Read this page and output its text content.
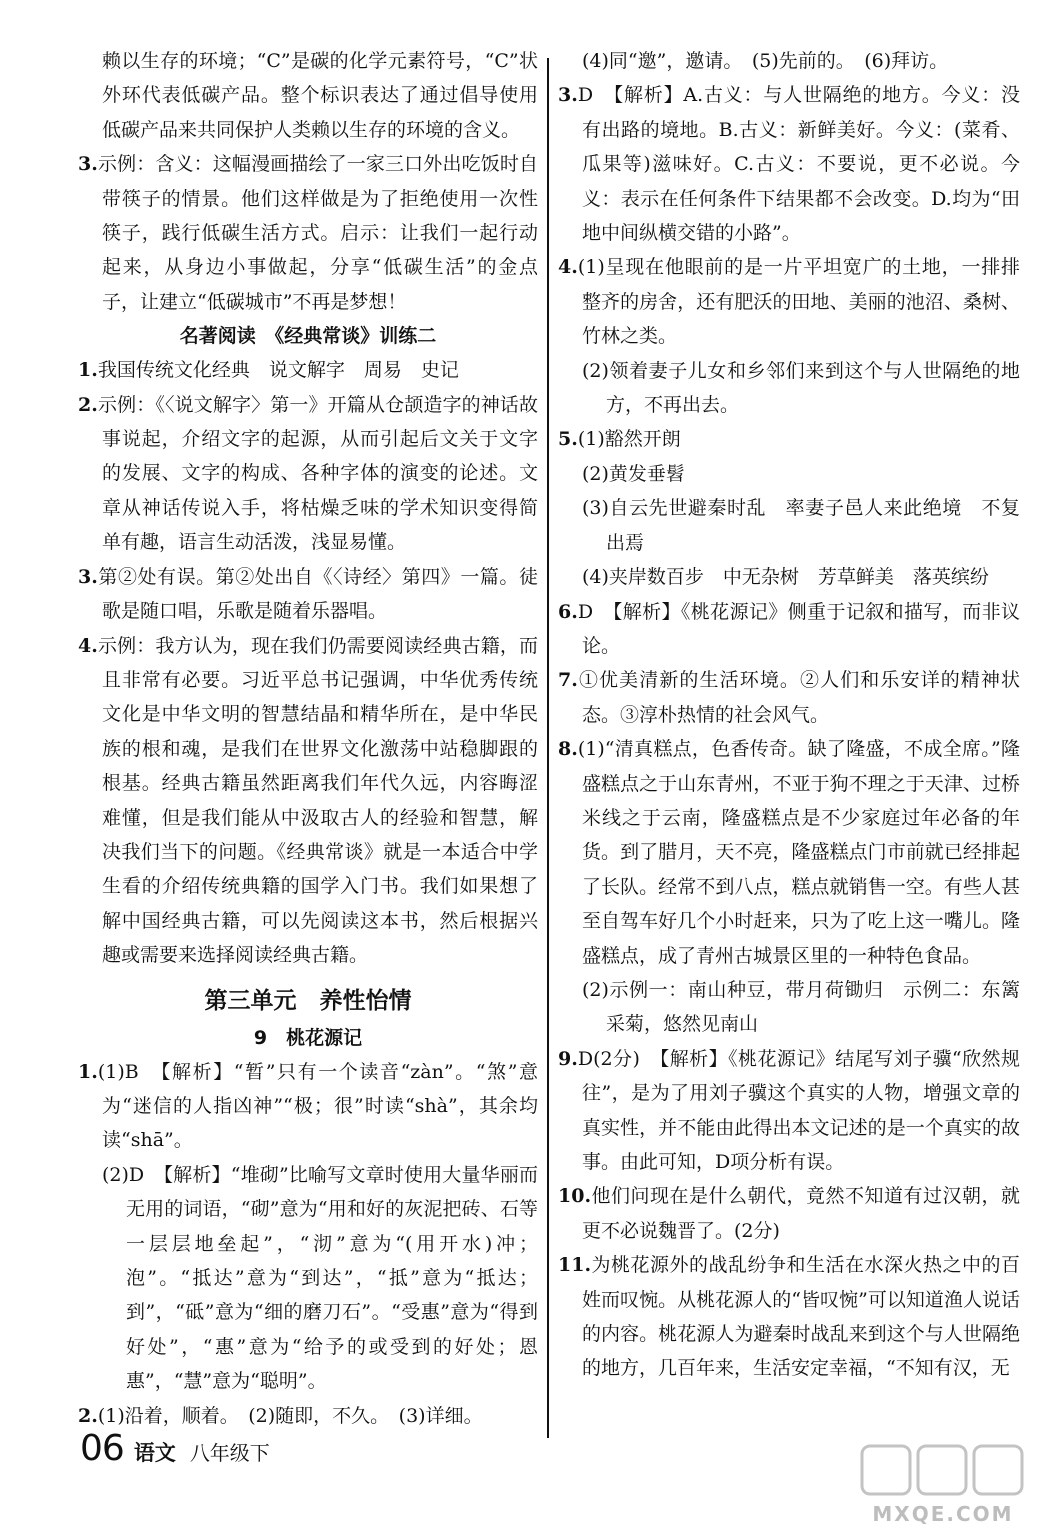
赖以生存的环境；“C”是碳的化学元素符号，“C”状外环代表低碳产品。整个标识表达了通过倡导使用低碳产品来共同保护人类赖以生存的环境的含义。
3.示例：含义：这幅漫画描绘了一家三口外出吃饭时自带筷子的情景。他们这样做是为了拒绝使用一次性筷子，践行低碳生活方式。启示：让我们一起行动起来，从身边小事做起，分享“低碳生活”的金点子，让建立“低碳城市”不再是梦想！
名著阅读　《经典常谈》训练二
1.我国传统文化经典　说文解字　周易　史记
2.示例：《〈说文解字〉第一》开篇从仓颉造字的神话故事说起，介绍文字的起源，从而引起后文关于文字的发展、文字的构成、各种字体的演变的论述。文章从神话传说入手，将枯燥乏味的学术知识变得简单有趣，语言生动活泼，浅显易懂。
3.第②处有误。第②处出自《〈诗经〉第四》一篇。徒歌是随口唱，乐歌是随着乐器唱。
4.示例：我方认为，现在我们仍需要阅读经典古籍，而且非常有必要。习近平总书记强调，中华优秀传统文化是中华文明的智慧结晶和精华所在，是中华民族的根和魂，是我们在世界文化激荡中站稳脚跟的根基。经典古籍虽然距离我们年代久远，内容晦涩难懂，但是我们能从中汲取古人的经验和智慧，解决我们当下的问题。《经典常谈》就是一本适合中学生看的介绍传统典籍的国学入门书。我们如果想了解中国经典古籍，可以先阅读这本书，然后根据兴趣或需要来选择阅读经典古籍。
第三单元　养性怡情
9　桃花源记
1.(1)B　【解析】“暂”只有一个读音“zàn”。“煞”意为“迷信的人指凶神”“极；很”时读“shà”，其余均读“shā”。
(2)D　【解析】“堆砌”比喻写文章时使用大量华丽而无用的词语，“砌”意为“用和好的灰泥把砖、石等一层层地垒起”，“沏”意为“(用开水)冲；泡”。“抵达”意为“到达”，“抵”意为“抵达；到”，“砥”意为“细的磨刀石”。“受惠”意为“得到好处”，“惠”意为“给予的或受到的好处；恩惠”，“慧”意为“聪明”。
2.(1)沿着，顺着。　(2)随即，不久。　(3)详细。
(4)同“邀”，邀请。　(5)先前的。　(6)拜访。
3.D　【解析】A.古义：与人世隔绝的地方。今义：没有出路的境地。B.古义：新鲜美好。今义：(菜肴、瓜果等)滋味好。C.古义：不要说，更不必说。今义：表示在任何条件下结果都不会改变。D.均为“田地中间纵横交错的小路”。
4.(1)呈现在他眼前的是一片平坦宽广的土地，一排排整齐的房舍，还有肥沃的田地、美丽的池沼、桑树、竹林之类。
(2)领着妻子儿女和乡邻们来到这个与人世隔绝的地方，不再出去。
5.(1)豁然开朗
(2)黄发垂髫
(3)自云先世避秦时乱　率妻子邑人来此绝境　不复出焉
(4)夹岸数百步　中无杂树　芳草鲜美　落英缤纷
6.D　【解析】《桃花源记》侧重于记叙和描写，而非议论。
7.①优美清新的生活环境。②人们和乐安详的精神状态。③淳朴热情的社会风气。
8.(1)“清真糕点，色香传奇。缺了隆盛，不成全席。”隆盛糕点之于山东青州，不亚于狗不理之于天津、过桥米线之于云南，隆盛糕点是不少家庭过年必备的年货。到了腊月，天不亮，隆盛糕点门市前就已经排起了长队。经常不到八点，糕点就销售一空。有些人甚至自驾车好几个小时赶来，只为了吃上这一嘴儿。隆盛糕点，成了青州古城景区里的一种特色食品。
(2)示例一：南山种豆，带月荷锄归　示例二：东篱采菊，悠然见南山
9.D(2分)　【解析】《桃花源记》结尾写刘子骥“欣然规往”，是为了用刘子骥这个真实的人物，增强文章的真实性，并不能由此得出本文记述的是一个真实的故事。由此可知，D项分析有误。
10.他们问现在是什么朝代，竟然不知道有过汉朝，就更不必说魏晋了。(2分)
11.为桃花源外的战乱纷争和生活在水深火热之中的百姓而叹惋。从桃花源人的“皆叹惋”可以知道渔人说话的内容。桃花源人为避秦时战乱来到这个与人世隔绝的地方，几百年来，生活安定幸福，“不知有汉，无
06 语文 八年级下
MXQE.COM
